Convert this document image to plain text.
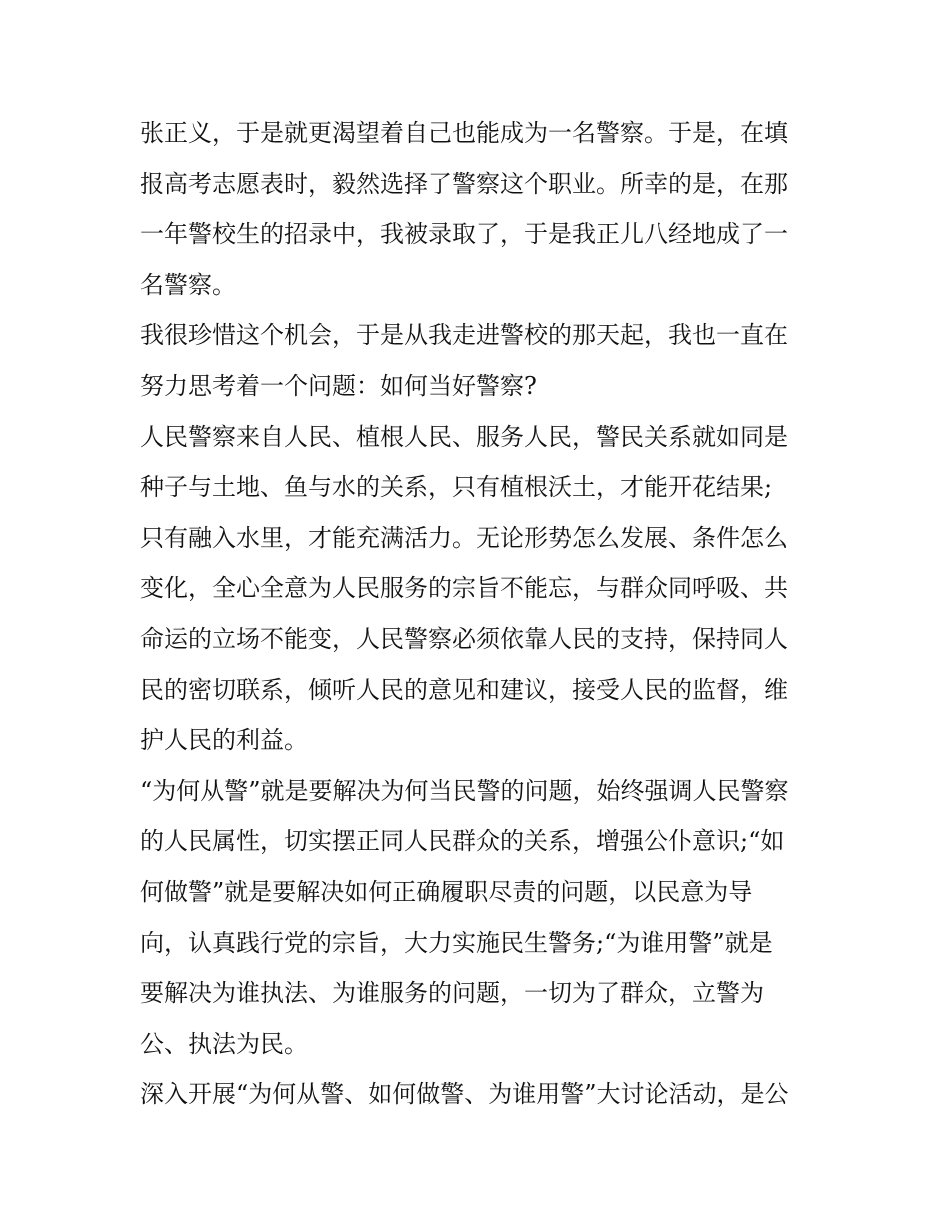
张正义，于是就更渴望着自己也能成为一名警察。于是，在填
报高考志愿表时，毅然选择了警察这个职业。所幸的是，在那
一年警校生的招录中，我被录取了，于是我正儿八经地成了一
名警察。
我很珍惜这个机会，于是从我走进警校的那天起，我也一直在
努力思考着一个问题：如何当好警察?
人民警察来自人民、植根人民、服务人民，警民关系就如同是
种子与土地、鱼与水的关系，只有植根沃土，才能开花结果;
只有融入水里，才能充满活力。无论形势怎么发展、条件怎么
变化，全心全意为人民服务的宗旨不能忘，与群众同呼吸、共
命运的立场不能变，人民警察必须依靠人民的支持，保持同人
民的密切联系，倾听人民的意见和建议，接受人民的监督，维
护人民的利益。
“为何从警”就是要解决为何当民警的问题，始终强调人民警察
的人民属性，切实摆正同人民群众的关系，增强公仆意识;“如
何做警”就是要解决如何正确履职尽责的问题，以民意为导
向，认真践行党的宗旨，大力实施民生警务;“为谁用警”就是
要解决为谁执法、为谁服务的问题，一切为了群众，立警为
公、执法为民。
深入开展“为何从警、如何做警、为谁用警”大讨论活动，是公
